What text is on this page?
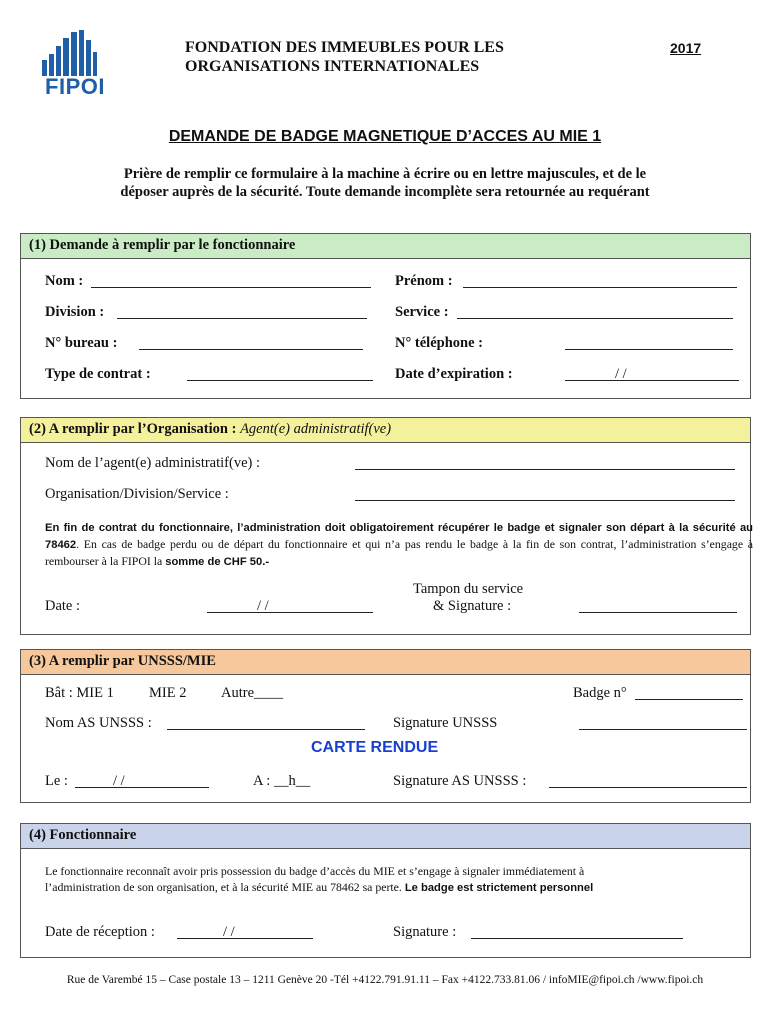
FIPOI
FONDATION DES IMMEUBLES POUR LES
ORGANISATIONS INTERNATIONALES
2017
DEMANDE DE BADGE MAGNETIQUE D’ACCES AU MIE 1
Prière de remplir ce formulaire à la machine à écrire ou en lettre majuscules, et de le
déposer auprès de la sécurité. Toute demande incomplète sera retournée au requérant
(1) Demande à remplir par le fonctionnaire
Nom :	Prénom :
Division :	Service :
N° bureau :	N° téléphone :
Type de contrat :	Date d’expiration :	/ /
(2) A remplir par l’Organisation : Agent(e) administratif(ve)
Nom de l’agent(e) administratif(ve) :
Organisation/Division/Service :
En fin de contrat du fonctionnaire, l’administration doit obligatoirement récupérer le badge et signaler son départ à la sécurité au 78462. En cas de badge perdu ou de départ du fonctionnaire et qui n’a pas rendu le badge à la fin de son contrat, l’administration s’engage à rembourser à la FIPOI la somme de CHF 50.-
Date :	/ /
Tampon du service
& Signature :
(3) A remplir par UNSSS/MIE
Bât : MIE 1 MIE 2 Autre____	Badge n°
Nom AS UNSSS :	Signature UNSSS
CARTE RENDUE
Le :	/ /	A : __h__	Signature AS UNSSS :
(4) Fonctionnaire
Le fonctionnaire reconnaît avoir pris possession du badge d’accès du MIE et s’engage à signaler immédiatement à
l’administration de son organisation, et à la sécurité MIE au 78462 sa perte. Le badge est strictement personnel
Date de réception :	/ /	Signature :
Rue de Varembé 15 – Case postale 13 – 1211 Genève 20 -Tél +4122.791.91.11 – Fax +4122.733.81.06 / infoMIE@fipoi.ch /www.fipoi.ch
